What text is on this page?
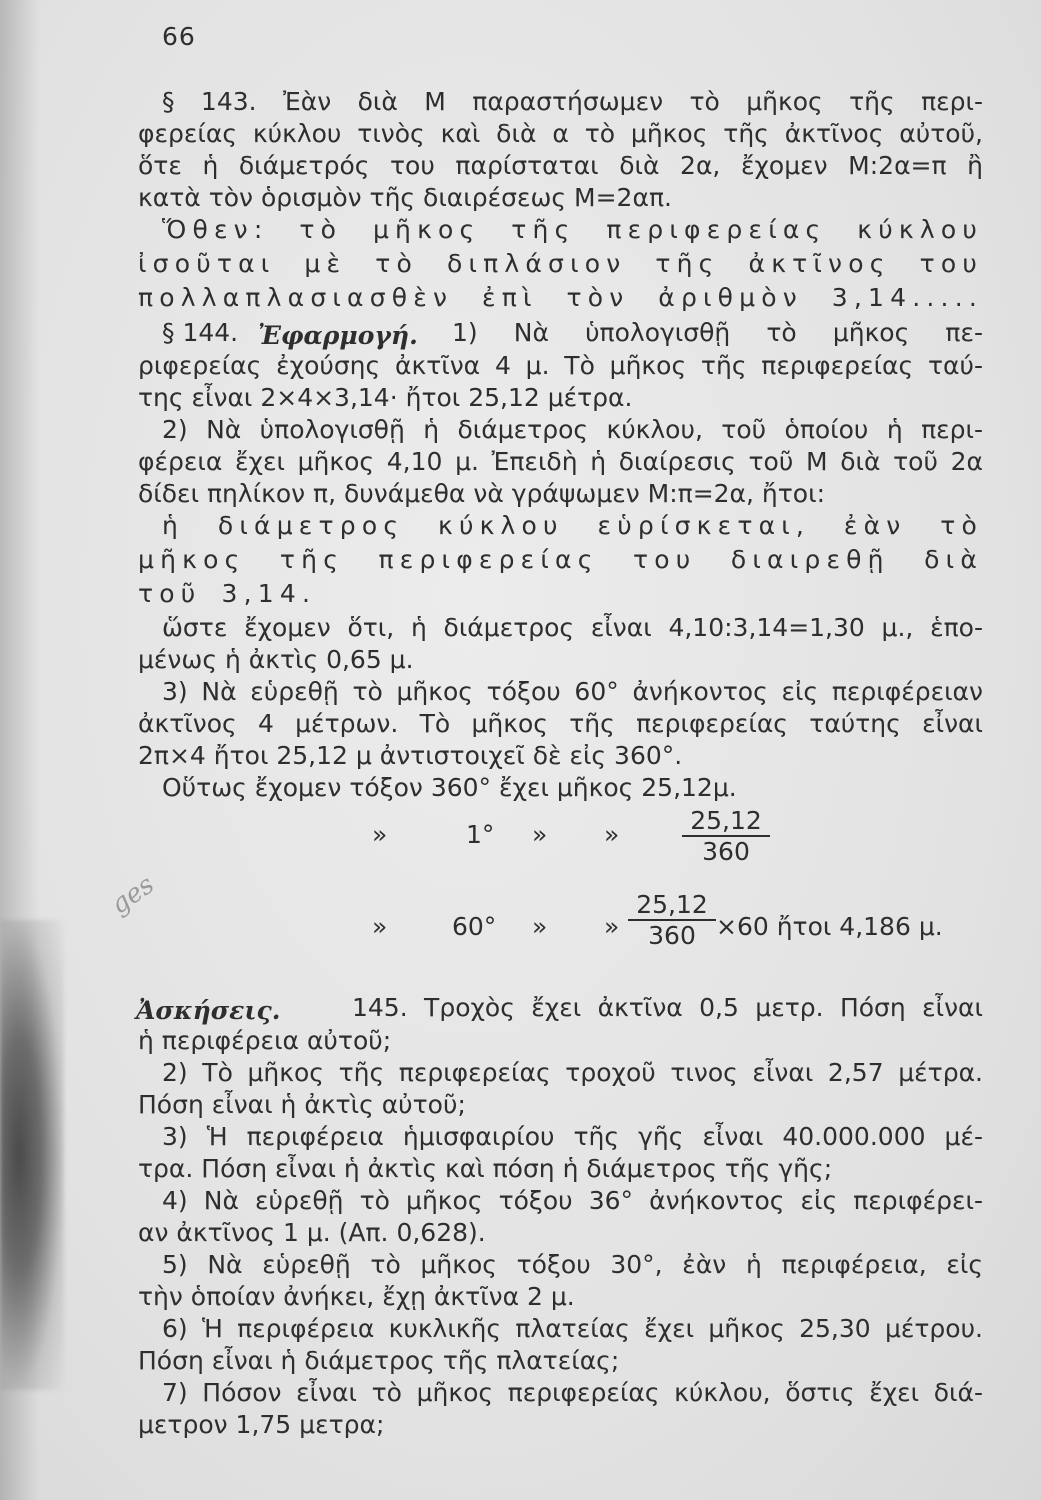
66
§ 143. Ἐὰν διὰ Μ παραστήσωμεν τὸ μῆκος τῆς περι-
φερείας κύκλου τινὸς καὶ διὰ α τὸ μῆκος τῆς ἀκτῖνος αὐτοῦ,
ὅτε ἡ διάμετρός του παρίσταται διὰ 2α, ἔχομεν Μ:2α=π ἢ
κατὰ τὸν ὁρισμὸν τῆς διαιρέσεως Μ=2απ.
Ὅθεν: τὸ μῆκος τῆς περιφερείας κύκλου
ἰσοῦται μὲ τὸ διπλάσιον τῆς ἀκτῖνος του
πολλαπλασιασθὲν ἐπὶ τὸν ἀριθμὸν 3,14.....
§ 144. Ἐφαρμογή. 1) Νὰ ὑπολογισθῇ τὸ μῆκος πε-
ριφερείας ἐχούσης ἀκτῖνα 4 μ. Τὸ μῆκος τῆς περιφερείας ταύ-
της εἶναι 2×4×3,14· ἤτοι 25,12 μέτρα.
2) Νὰ ὑπολογισθῇ ἡ διάμετρος κύκλου, τοῦ ὁποίου ἡ περι-
φέρεια ἔχει μῆκος 4,10 μ. Ἐπειδὴ ἡ διαίρεσις τοῦ Μ διὰ τοῦ 2α
δίδει πηλίκον π, δυνάμεθα νὰ γράψωμεν Μ:π=2α, ἤτοι:
ἡ διάμετρος κύκλου εὑρίσκεται, ἐὰν τὸ
μῆκος τῆς περιφερείας του διαιρεθῇ διὰ
τοῦ 3,14.
ὥστε ἔχομεν ὅτι, ἡ διάμετρος εἶναι 4,10:3,14=1,30 μ., ἑπο-
μένως ἡ ἀκτὶς 0,65 μ.
3) Νὰ εὑρεθῇ τὸ μῆκος τόξου 60° ἀνήκοντος εἰς περιφέρειαν
ἀκτῖνος 4 μέτρων. Τὸ μῆκος τῆς περιφερείας ταύτης εἶναι
2π×4 ἤτοι 25,12 μ ἀντιστοιχεῖ δὲ εἰς 360°.
Οὕτως ἔχομεν τόξον 360° ἔχει μῆκος 25,12μ.
»	1° » »	$\frac{25,12}{360}$
»	60° » » $\frac{25,12}{360} \times 60$ ἤτοι 4,186 μ.
ges
Ἀσκήσεις.	145. Τροχὸς ἔχει ἀκτῖνα 0,5 μετρ. Πόση εἶναι
ἡ περιφέρεια αὐτοῦ;
2) Τὸ μῆκος τῆς περιφερείας τροχοῦ τινος εἶναι 2,57 μέτρα.
Πόση εἶναι ἡ ἀκτὶς αὐτοῦ;
3) Ἡ περιφέρεια ἡμισφαιρίου τῆς γῆς εἶναι 40.000.000 μέ-
τρα. Πόση εἶναι ἡ ἀκτὶς καὶ πόση ἡ διάμετρος τῆς γῆς;
4) Νὰ εὑρεθῇ τὸ μῆκος τόξου 36° ἀνήκοντος εἰς περιφέρει-
αν ἀκτῖνος 1 μ. (Απ. 0,628).
5) Νὰ εὑρεθῇ τὸ μῆκος τόξου 30°, ἐὰν ἡ περιφέρεια, εἰς
τὴν ὁποίαν ἀνήκει, ἔχῃ ἀκτῖνα 2 μ.
6) Ἡ περιφέρεια κυκλικῆς πλατείας ἔχει μῆκος 25,30 μέτρου.
Πόση εἶναι ἡ διάμετρος τῆς πλατείας;
7) Πόσον εἶναι τὸ μῆκος περιφερείας κύκλου, ὅστις ἔχει διά-
μετρον 1,75 μετρα;
